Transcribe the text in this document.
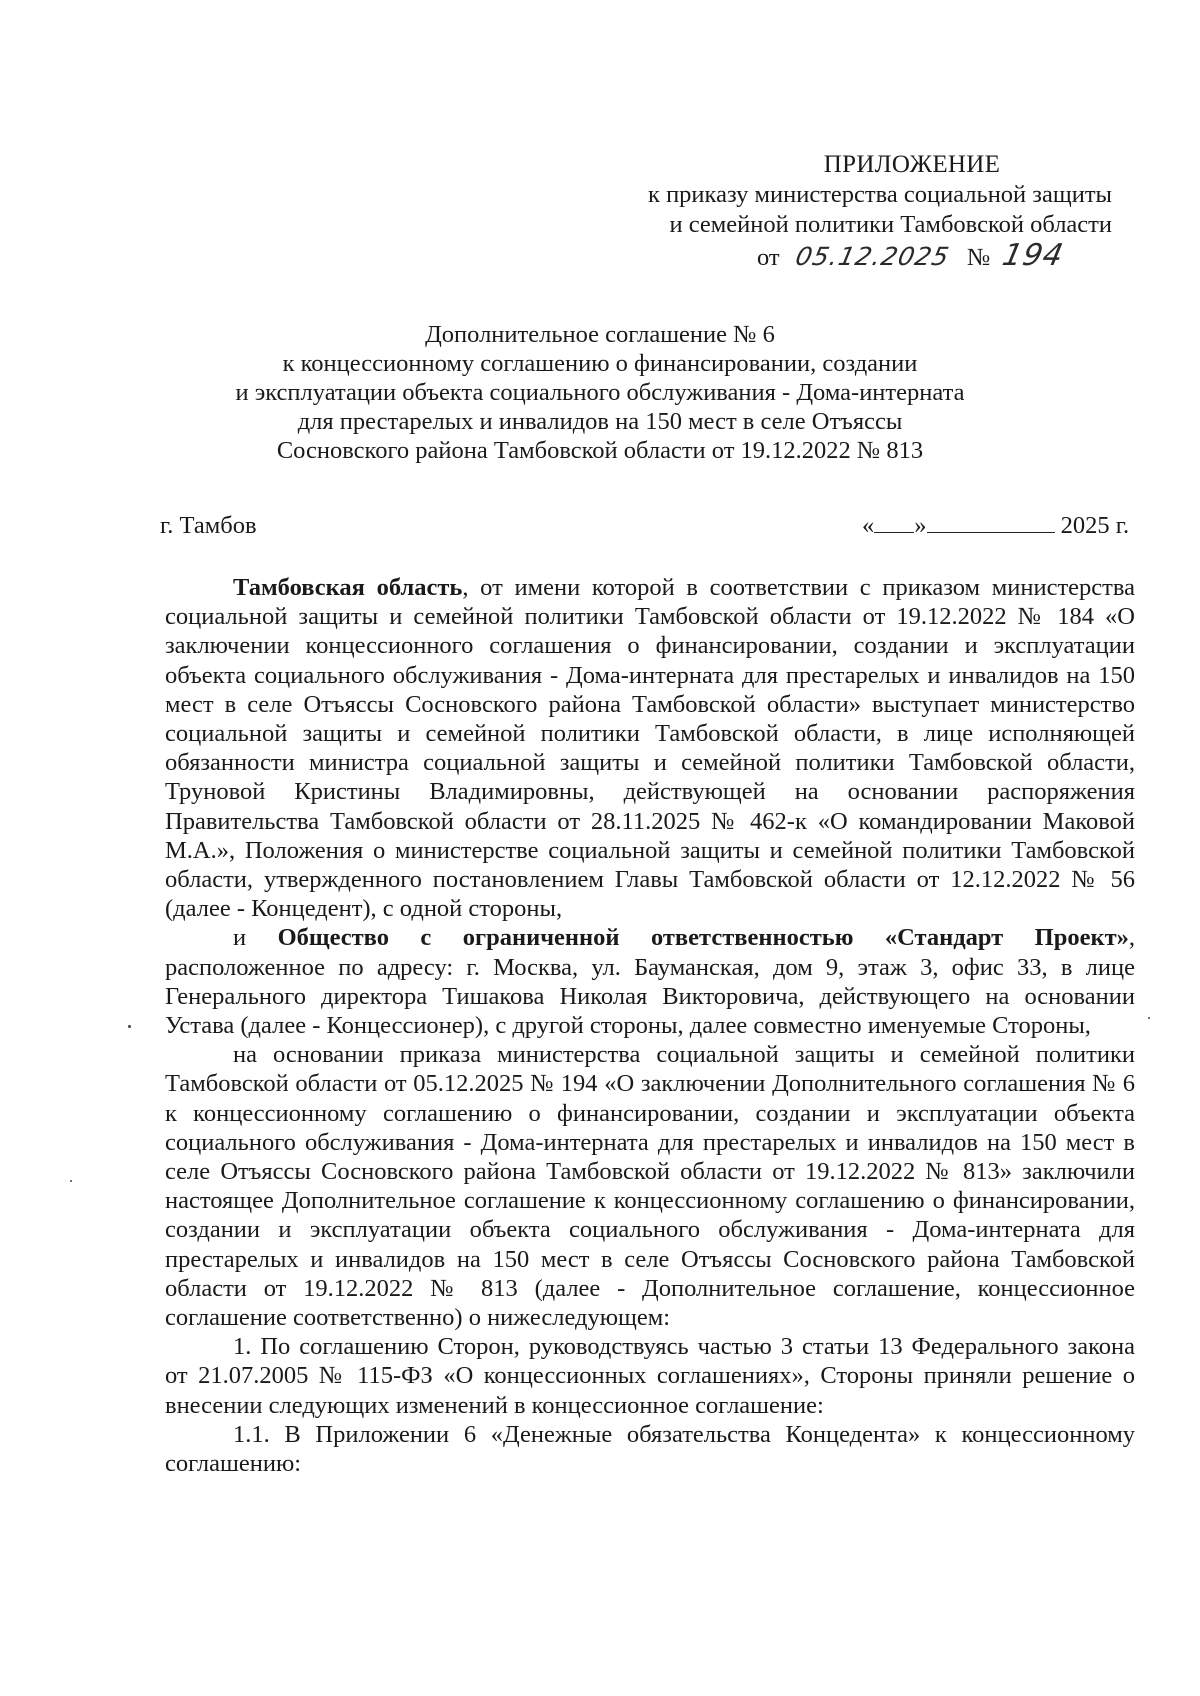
ПРИЛОЖЕНИЕ
к приказу министерства социальной защиты
и семейной политики Тамбовской области
от 05.12.2025 № 194
Дополнительное соглашение № 6
к концессионному соглашению о финансировании, создании
и эксплуатации объекта социального обслуживания - Дома-интерната
для престарелых и инвалидов на 150 мест в селе Отъяссы
Сосновского района Тамбовской области от 19.12.2022 № 813
г. Тамбов	« »	2025 г.

Тамбовская область, от имени которой в соответствии с приказом министерства социальной защиты и семейной политики Тамбовской области от 19.12.2022 № 184 «О заключении концессионного соглашения о финансировании, создании и эксплуатации объекта социального обслуживания - Дома-интерната для престарелых и инвалидов на 150 мест в селе Отъяссы Сосновского района Тамбовской области» выступает министерство социальной защиты и семейной политики Тамбовской области, в лице исполняющей обязанности министра социальной защиты и семейной политики Тамбовской области, Труновой Кристины Владимировны, действующей на основании распоряжения Правительства Тамбовской области от 28.11.2025 № 462-к «О командировании Маковой М.А.», Положения о министерстве социальной защиты и семейной политики Тамбовской области, утвержденного постановлением Главы Тамбовской области от 12.12.2022 № 56 (далее - Концедент), с одной стороны,

и Общество с ограниченной ответственностью «Стандарт Проект», расположенное по адресу: г. Москва, ул. Бауманская, дом 9, этаж 3, офис 33, в лице Генерального директора Тишакова Николая Викторовича, действующего на основании Устава (далее - Концессионер), с другой стороны, далее совместно именуемые Стороны,

на основании приказа министерства социальной защиты и семейной политики Тамбовской области от 05.12.2025 № 194 «О заключении Дополнительного соглашения № 6 к концессионному соглашению о финансировании, создании и эксплуатации объекта социального обслуживания - Дома-интерната для престарелых и инвалидов на 150 мест в селе Отъяссы Сосновского района Тамбовской области от 19.12.2022 № 813» заключили настоящее Дополнительное соглашение к концессионному соглашению о финансировании, создании и эксплуатации объекта социального обслуживания - Дома-интерната для престарелых и инвалидов на 150 мест в селе Отъяссы Сосновского района Тамбовской области от 19.12.2022 № 813 (далее - Дополнительное соглашение, концессионное соглашение соответственно) о нижеследующем:

1. По соглашению Сторон, руководствуясь частью 3 статьи 13 Федерального закона от 21.07.2005 № 115-ФЗ «О концессионных соглашениях», Стороны приняли решение о внесении следующих изменений в концессионное соглашение:

1.1. В Приложении 6 «Денежные обязательства Концедента» к концессионному соглашению:
